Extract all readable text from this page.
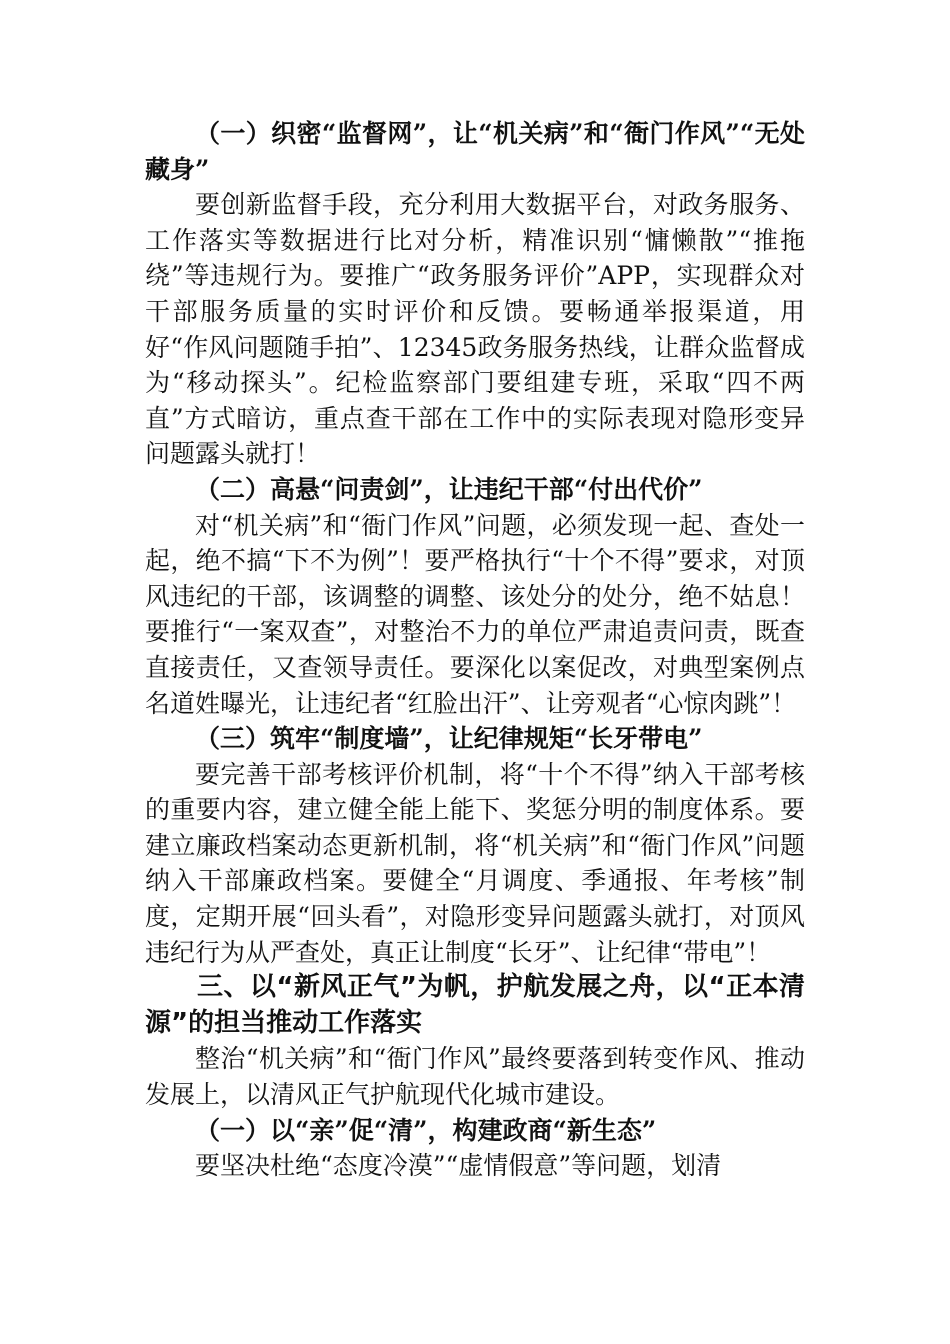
（一）织密“监督网”，让“机关病”和“衙门作风”“无处藏身”

要创新监督手段，充分利用大数据平台，对政务服务、工作落实等数据进行比对分析，精准识别“慵懒散”“推拖绕”等违规行为。要推广“政务服务评价”APP，实现群众对干部服务质量的实时评价和反馈。要畅通举报渠道，用好“作风问题随手拍”、12345政务服务热线，让群众监督成为“移动探头”。纪检监察部门要组建专班，采取“四不两直”方式暗访，重点查干部在工作中的实际表现对隐形变异问题露头就打！

（二）高悬“问责剑”，让违纪干部“付出代价”

对“机关病”和“衙门作风”问题，必须发现一起、查处一起，绝不搞“下不为例”！要严格执行“十个不得”要求，对顶风违纪的干部，该调整的调整、该处分的处分，绝不姑息！要推行“一案双查”，对整治不力的单位严肃追责问责，既查直接责任，又查领导责任。要深化以案促改，对典型案例点名道姓曝光，让违纪者“红脸出汗”、让旁观者“心惊肉跳”！

（三）筑牢“制度墙”，让纪律规矩“长牙带电”

要完善干部考核评价机制，将“十个不得”纳入干部考核的重要内容，建立健全能上能下、奖惩分明的制度体系。要建立廉政档案动态更新机制，将“机关病”和“衙门作风”问题纳入干部廉政档案。要健全“月调度、季通报、年考核”制度，定期开展“回头看”，对隐形变异问题露头就打，对顶风违纪行为从严查处，真正让制度“长牙”、让纪律“带电”！

三、以“新风正气”为帆，护航发展之舟，以“正本清源”的担当推动工作落实

整治“机关病”和“衙门作风”最终要落到转变作风、推动发展上，以清风正气护航现代化城市建设。

（一）以“亲”促“清”，构建政商“新生态”

要坚决杜绝“态度冷漠”“虚情假意”等问题，划清
